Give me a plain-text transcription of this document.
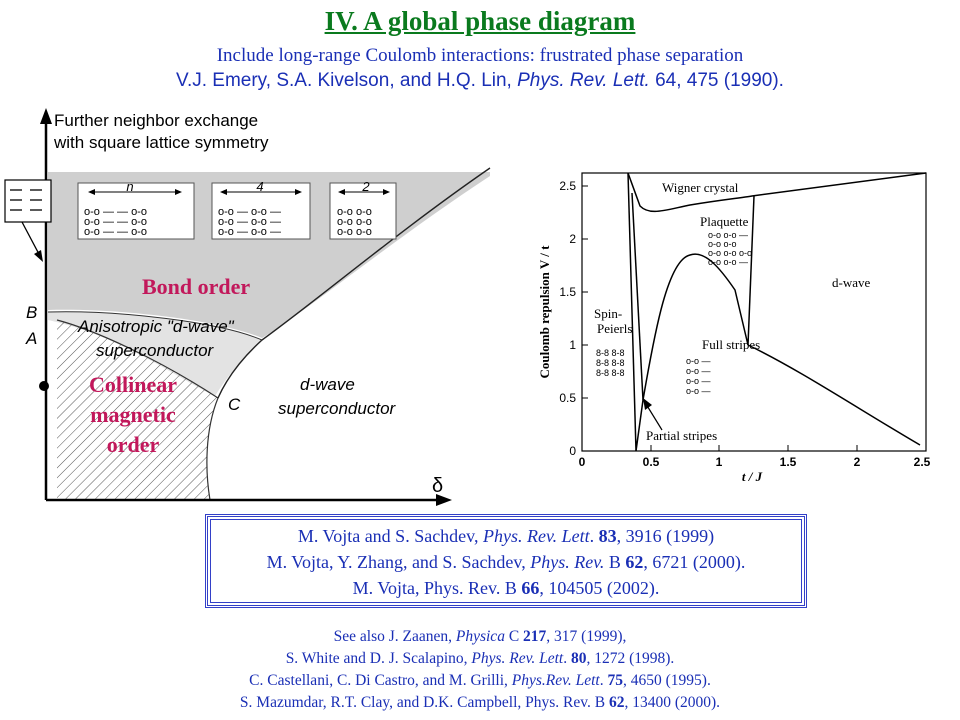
IV. A global phase diagram
Include long-range Coulomb interactions: frustrated phase separation
V.J. Emery, S.A. Kivelson, and H.Q. Lin, Phys. Rev. Lett. 64, 475 (1990).
n
o-o — — o-o
o-o — — o-o
o-o — — o-o
4
o-o — o-o —
o-o — o-o —
o-o — o-o —
2
o-o o-o
o-o o-o
o-o o-o
Further neighbor exchange
with square lattice symmetry
δ
B
A
C
Bond order
Anisotropic "d-wave"
superconductor
Collinear
magnetic
order
d-wave
superconductor
0	0.5	1	1.5	2	2.5
0
0.5
1
1.5
2
2.5
o-o o-o —
o-o o-o
o-o o-o o-o
o-o o-o —
8-8 8-8
8-8 8-8
8-8 8-8
o-o —
o-o —
o-o —
o-o —
Wigner crystal
Plaquette
d-wave
Spin-
Peierls
Full stripes
Partial stripes
t / J
Coulomb repulsion V / t
M. Vojta and S. Sachdev, Phys. Rev. Lett. 83, 3916 (1999)
M. Vojta, Y. Zhang, and S. Sachdev, Phys. Rev. B 62, 6721 (2000).
M. Vojta, Phys. Rev. B 66, 104505 (2002).
See also J. Zaanen, Physica C 217, 317 (1999),
S. White and D. J. Scalapino, Phys. Rev. Lett. 80, 1272 (1998).
C. Castellani, C. Di Castro, and M. Grilli, Phys.Rev. Lett. 75, 4650 (1995).
S. Mazumdar, R.T. Clay, and D.K. Campbell, Phys. Rev. B 62, 13400 (2000).
